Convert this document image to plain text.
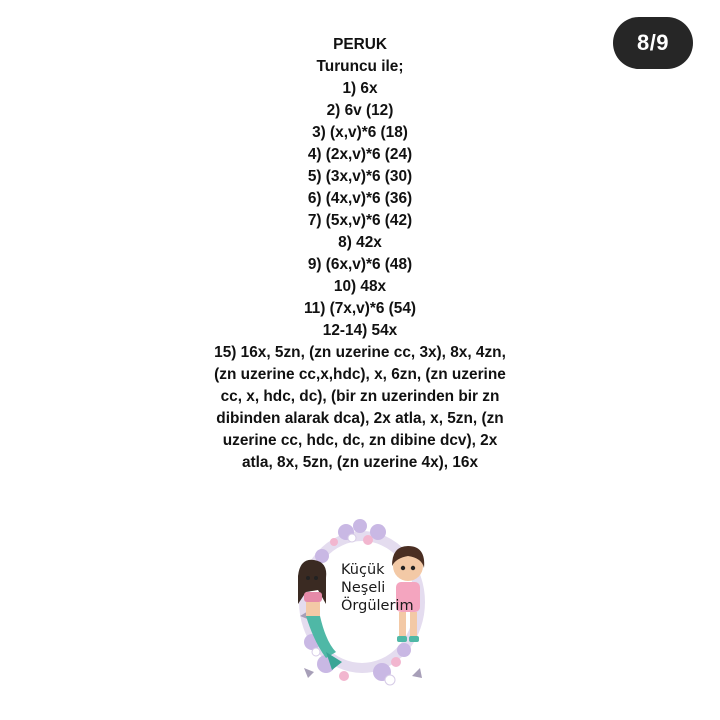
8/9
PERUK
Turuncu ile;
1) 6x
2) 6v (12)
3) (x,v)*6 (18)
4) (2x,v)*6 (24)
5) (3x,v)*6 (30)
6) (4x,v)*6 (36)
7) (5x,v)*6 (42)
8) 42x
9) (6x,v)*6 (48)
10) 48x
11) (7x,v)*6 (54)
12-14) 54x
15) 16x, 5zn, (zn uzerine cc, 3x), 8x, 4zn,
(zn uzerine cc,x,hdc), x, 6zn, (zn uzerine
cc, x, hdc, dc), (bir zn uzerinden bir zn
dibinden alarak dca), 2x atla, x, 5zn, (zn
uzerine cc, hdc, dc, zn dibine dcv), 2x
atla, 8x, 5zn, (zn uzerine 4x), 16x
Küçük
Neşeli
Örgülerim
